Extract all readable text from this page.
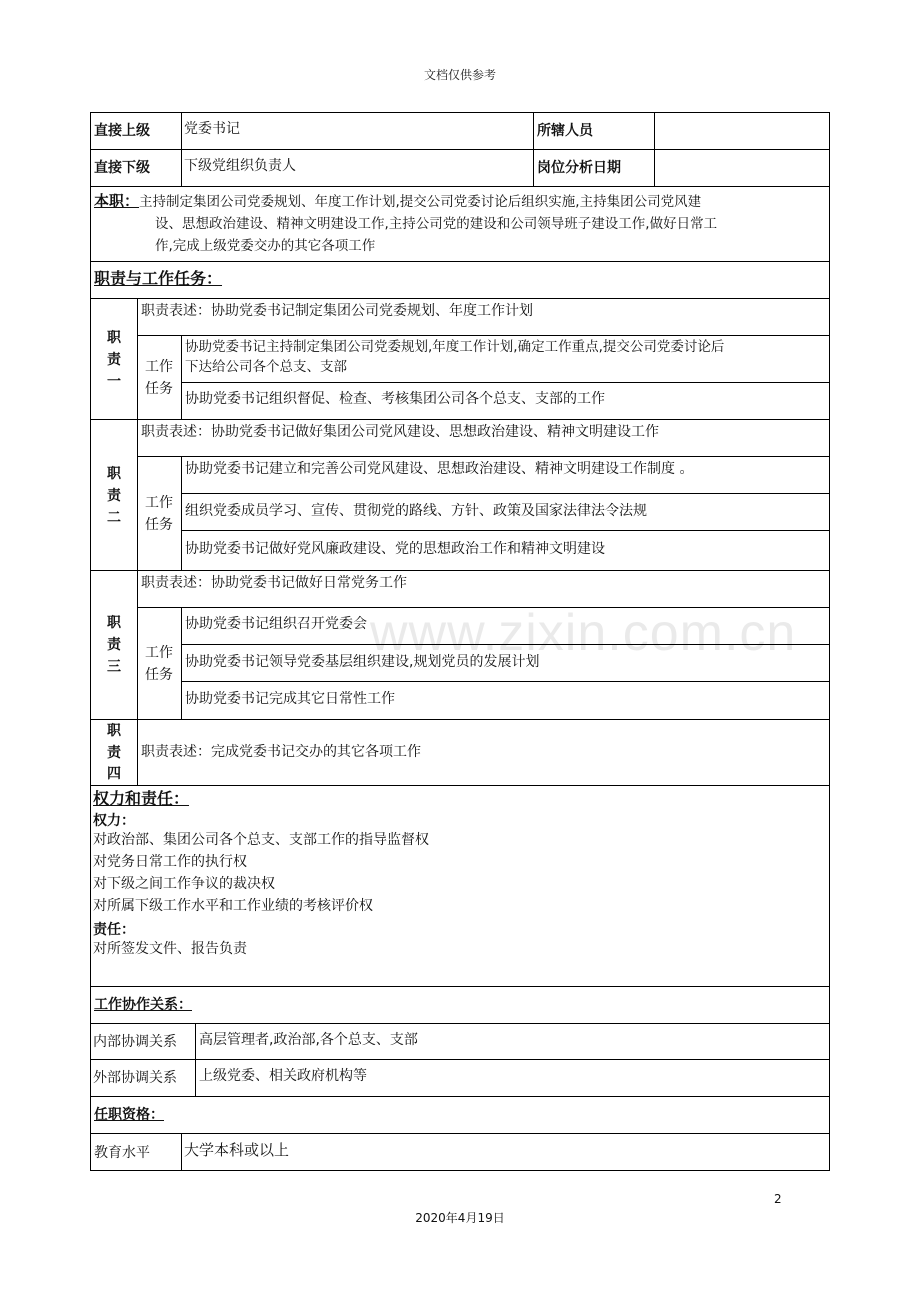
文档仅供参考
www.zixin.com.cn
直接上级 党委书记	所辖人员
直接下级 下级党组织负责人	岗位分析日期
本职： 主持制定集团公司党委规划、年度工作计划,提交公司党委讨论后组织实施,主持集团公司党风建
设、思想政治建设、精神文明建设工作,主持公司党的建设和公司领导班子建设工作,做好日常工
作,完成上级党委交办的其它各项工作
职责与工作任务：
职
责
一
职责表述：协助党委书记制定集团公司党委规划、年度工作计划
工作
任务
协助党委书记主持制定集团公司党委规划,年度工作计划,确定工作重点,提交公司党委讨论后
下达给公司各个总支、支部
协助党委书记组织督促、检查、考核集团公司各个总支、支部的工作
职
责
二
职责表述：协助党委书记做好集团公司党风建设、思想政治建设、精神文明建设工作
工作
任务
协助党委书记建立和完善公司党风建设、思想政治建设、精神文明建设工作制度 。
组织党委成员学习、宣传、贯彻党的路线、方针、政策及国家法律法令法规
协助党委书记做好党风廉政建设、党的思想政治工作和精神文明建设
职
责
三
职责表述：协助党委书记做好日常党务工作
工作
任务
协助党委书记组织召开党委会
协助党委书记领导党委基层组织建设,规划党员的发展计划
协助党委书记完成其它日常性工作
职
责
四
职责表述：完成党委书记交办的其它各项工作
权力和责任：
权力：
对政治部、集团公司各个总支、支部工作的指导监督权
对党务日常工作的执行权
对下级之间工作争议的裁决权
对所属下级工作水平和工作业绩的考核评价权
责任：
对所签发文件、报告负责
工作协作关系：
内部协调关系 高层管理者,政治部,各个总支、支部
外部协调关系 上级党委、相关政府机构等
任职资格：
教育水平 大学本科或以上
2
2020年4月19日
